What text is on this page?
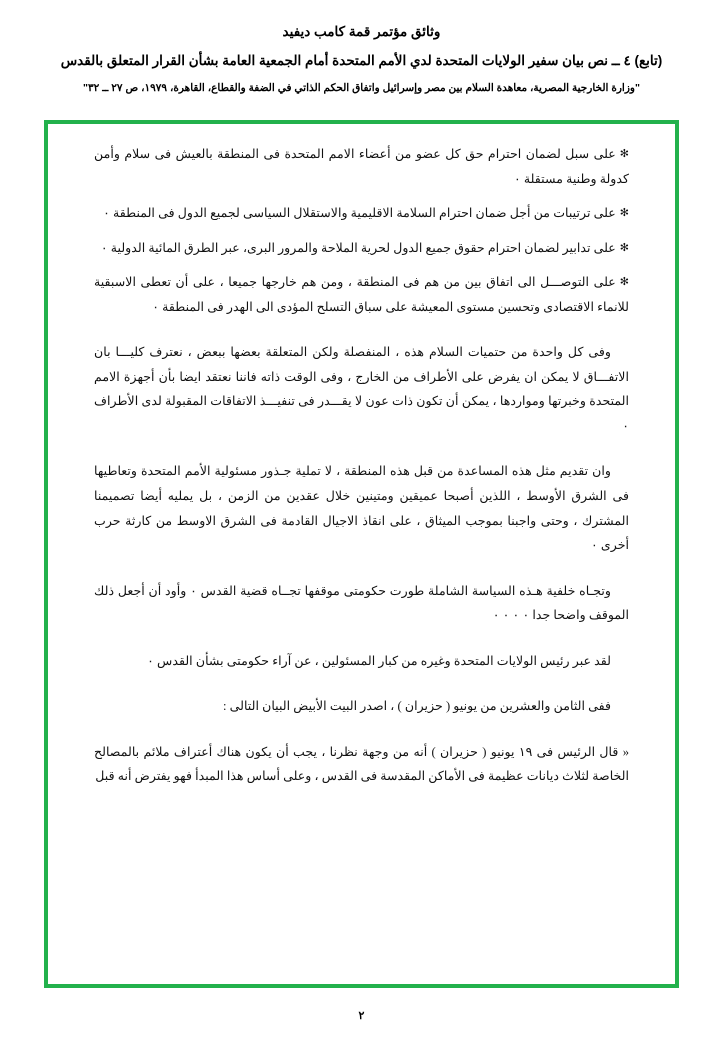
وثائق مؤتمر قمة كامب ديفيد
(تابع) ٤ ــ نص بيان سفير الولايات المتحدة لدي الأمم المتحدة أمام الجمعية العامة بشأن القرار المتعلق بالقدس
"وزارة الخارجية المصرية، معاهدة السلام بين مصر وإسرائيل واتفاق الحكم الذاتي في الضفة والقطاع، القاهرة، ١٩٧٩، ص ٢٧ ــ ٣٢"
✻على سبل لضمان احترام حق كل عضو من أعضاء الامم المتحدة فى المنطقة بالعيش فى سلام وأمن كدولة وطنية مستقلة ٠
✻على ترتيبات من أجل ضمان احترام السلامة الاقليمية والاستقلال السياسى لجميع الدول فى المنطقة ٠
✻على تدابير لضمان احترام حقوق جميع الدول لحرية الملاحة والمرور البرى، عبر الطرق المائية الدولية ٠
✻على التوصـــل الى اتفاق بين من هم فى المنطقة ، ومن هم خارجها جميعا ، على أن تعطى الاسبقية للانماء الاقتصادى وتحسين مستوى المعيشة على سباق التسلح المؤدى الى الهدر فى المنطقة ٠

وفى كل واحدة من حتميات السلام هذه ، المنفصلة ولكن المتعلقة بعضها ببعض ، نعترف كليـــا بان الاتفـــاق لا يمكن ان يفرض على الأطراف من الخارج ، وفى الوقت ذاته فاننا نعتقد ايضا بأن أجهزة الامم المتحدة وخبرتها ومواردها ، يمكن أن تكون ذات عون لا يقـــدر فى تنفيـــذ الاتفاقات المقبولة لدى الأطراف ٠

وان تقديم مثل هذه المساعدة من قبل هذه المنطقة ، لا تملية جـذور مسئولية الأمم المتحدة وتعاطيها فى الشرق الأوسط ، اللذين أصبحا عميقين ومتينين خلال عقدين من الزمن ، بل يمليه أيضا تصميمنا المشترك ، وحتى واجبنا بموجب الميثاق ، على انقاذ الاجيال القادمة فى الشرق الاوسط من كارثة حرب أخرى ٠

وتجـاه خلفية هـذه السياسة الشاملة طورت حكومتى موقفها تجــاه قضية القدس ٠ وأود أن أجعل ذلك الموقف واضحا جدا ٠ ٠ ٠ ٠

لقد عبر رئيس الولايات المتحدة وغيره من كبار المسئولين ، عن آراء حكومتى بشأن القدس ٠

ففى الثامن والعشرين من يونيو ( حزيران ) ، اصدر البيت الأبيض البيان التالى :

« قال الرئيس فى ١٩ يونيو ( حزيران ) أنه من وجهة نظرنا ، يجب أن يكون هناك أعتراف ملائم بالمصالح الخاصة لثلاث ديانات عظيمة فى الأماكن المقدسة فى القدس ، وعلى أساس هذا المبدأ فهو يفترض أنه قبل

٢
